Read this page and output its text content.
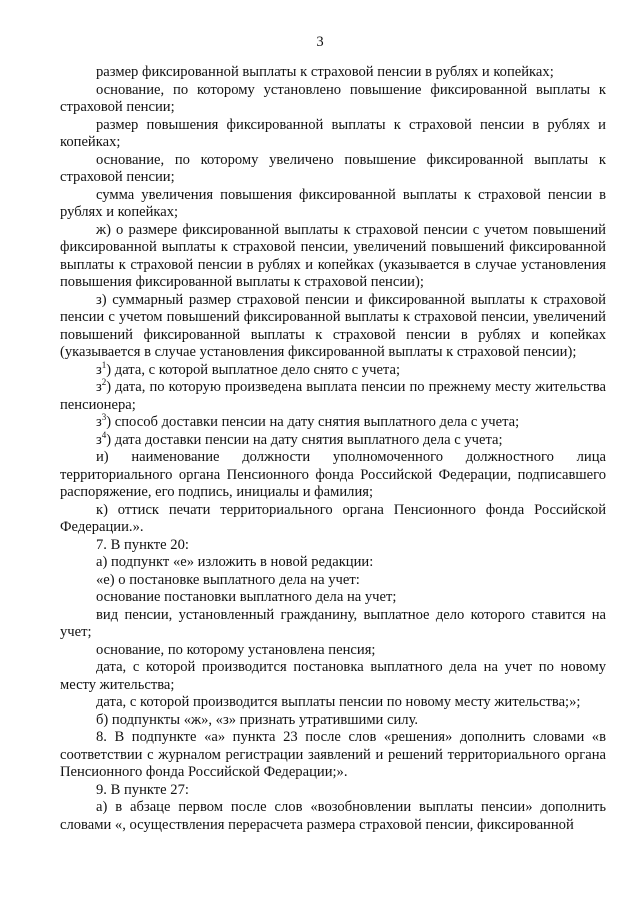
3

размер фиксированной выплаты к страховой пенсии в рублях и копейках;

основание, по которому установлено повышение фиксированной выплаты к страховой пенсии;

размер повышения фиксированной выплаты к страховой пенсии в рублях и копейках;

основание, по которому увеличено повышение фиксированной выплаты к страховой пенсии;

сумма увеличения повышения фиксированной выплаты к страховой пенсии в рублях и копейках;

ж) о размере фиксированной выплаты к страховой пенсии с учетом повышений фиксированной выплаты к страховой пенсии, увеличений повышений фиксированной выплаты к страховой пенсии в рублях и копейках (указывается в случае установления повышения фиксированной выплаты к страховой пенсии);

з) суммарный размер страховой пенсии и фиксированной выплаты к страховой пенсии с учетом повышений фиксированной выплаты к страховой пенсии, увеличений повышений фиксированной выплаты к страховой пенсии в рублях и копейках (указывается в случае установления фиксированной выплаты к страховой пенсии);

$з^1$) дата, с которой выплатное дело снято с учета;

$з^2$) дата, по которую произведена выплата пенсии по прежнему месту жительства пенсионера;

$з^3$) способ доставки пенсии на дату снятия выплатного дела с учета;

$з^4$) дата доставки пенсии на дату снятия выплатного дела с учета;

и) наименование должности уполномоченного должностного лица территориального органа Пенсионного фонда Российской Федерации, подписавшего распоряжение, его подпись, инициалы и фамилия;

к) оттиск печати территориального органа Пенсионного фонда Российской Федерации.».

7. В пункте 20:

а) подпункт «е» изложить в новой редакции:

«е) о постановке выплатного дела на учет:

основание постановки выплатного дела на учет;

вид пенсии, установленный гражданину, выплатное дело которого ставится на учет;

основание, по которому установлена пенсия;

дата, с которой производится постановка выплатного дела на учет по новому месту жительства;

дата, с которой производится выплаты пенсии по новому месту жительства;»;

б) подпункты «ж», «з» признать утратившими силу.

8. В подпункте «а» пункта 23 после слов «решения» дополнить словами «в соответствии с журналом регистрации заявлений и решений территориального органа Пенсионного фонда Российской Федерации;».

9. В пункте 27:

а) в абзаце первом после слов «возобновлении выплаты пенсии» дополнить словами «, осуществления перерасчета размера страховой пенсии, фиксированной
